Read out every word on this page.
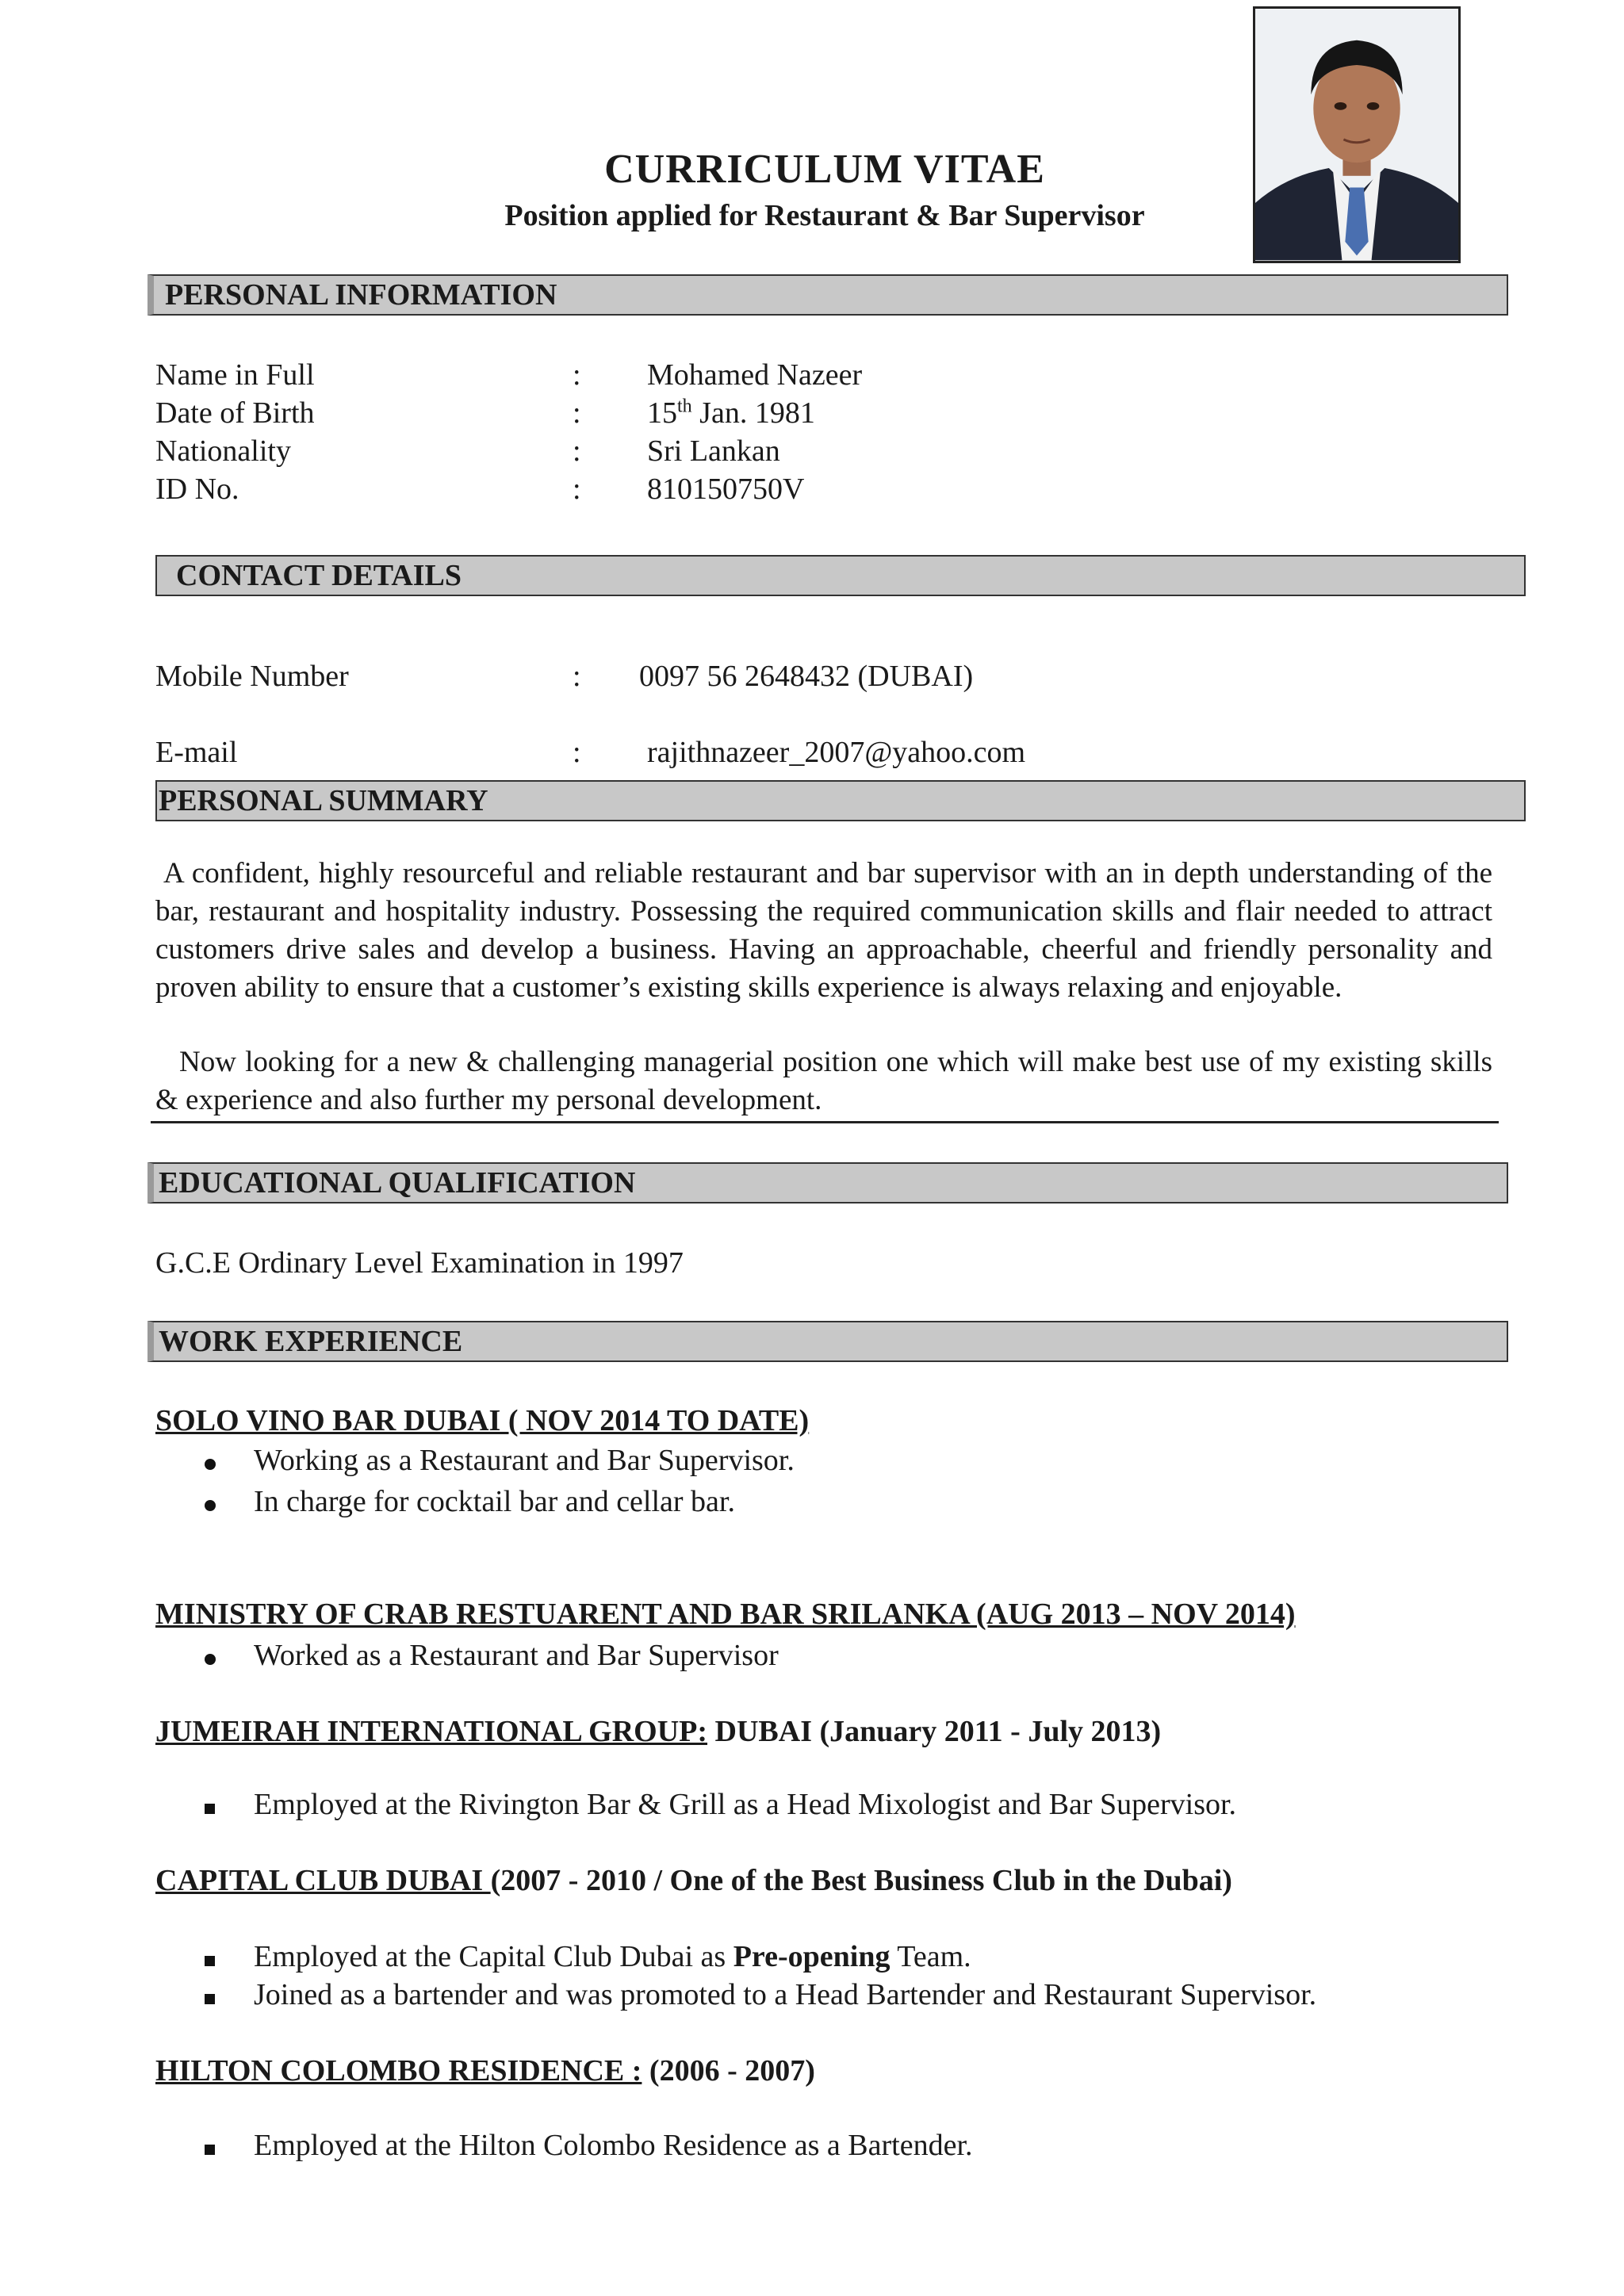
CURRICULUM VITAE
Position applied for Restaurant & Bar Supervisor
PERSONAL INFORMATION
Name in Full	: Mohamed Nazeer
Date of Birth	: 15th Jan. 1981
Nationality	: Sri Lankan
ID No.	: 810150750V
CONTACT DETAILS
Mobile Number	: 0097 56 2648432 (DUBAI)
E-mail	: rajithnazeer_2007@yahoo.com
PERSONAL SUMMARY
A confident, highly resourceful and reliable restaurant and bar supervisor with an in depth understanding of the bar, restaurant and hospitality industry. Possessing the required communication skills and flair needed to attract customers drive sales and develop a business. Having an approachable, cheerful and friendly personality and proven ability to ensure that a customer’s existing skills experience is always relaxing and enjoyable.
Now looking for a new & challenging managerial position one which will make best use of my existing skills & experience and also further my personal development.
EDUCATIONAL QUALIFICATION
G.C.E Ordinary Level Examination in 1997
WORK EXPERIENCE
SOLO VINO BAR DUBAI ( NOV 2014 TO DATE)
Working as a Restaurant and Bar Supervisor.
In charge for cocktail bar and cellar bar.
MINISTRY OF CRAB RESTUARENT AND BAR SRILANKA (AUG 2013 – NOV 2014)
Worked as a Restaurant and Bar Supervisor
JUMEIRAH INTERNATIONAL GROUP: DUBAI (January 2011 - July 2013)
Employed at the Rivington Bar & Grill as a Head Mixologist and Bar Supervisor.
CAPITAL CLUB DUBAI (2007 - 2010 / One of the Best Business Club in the Dubai)
Employed at the Capital Club Dubai as Pre-opening Team.
Joined as a bartender and was promoted to a Head Bartender and Restaurant Supervisor.
HILTON COLOMBO RESIDENCE : (2006 - 2007)
Employed at the Hilton Colombo Residence as a Bartender.
